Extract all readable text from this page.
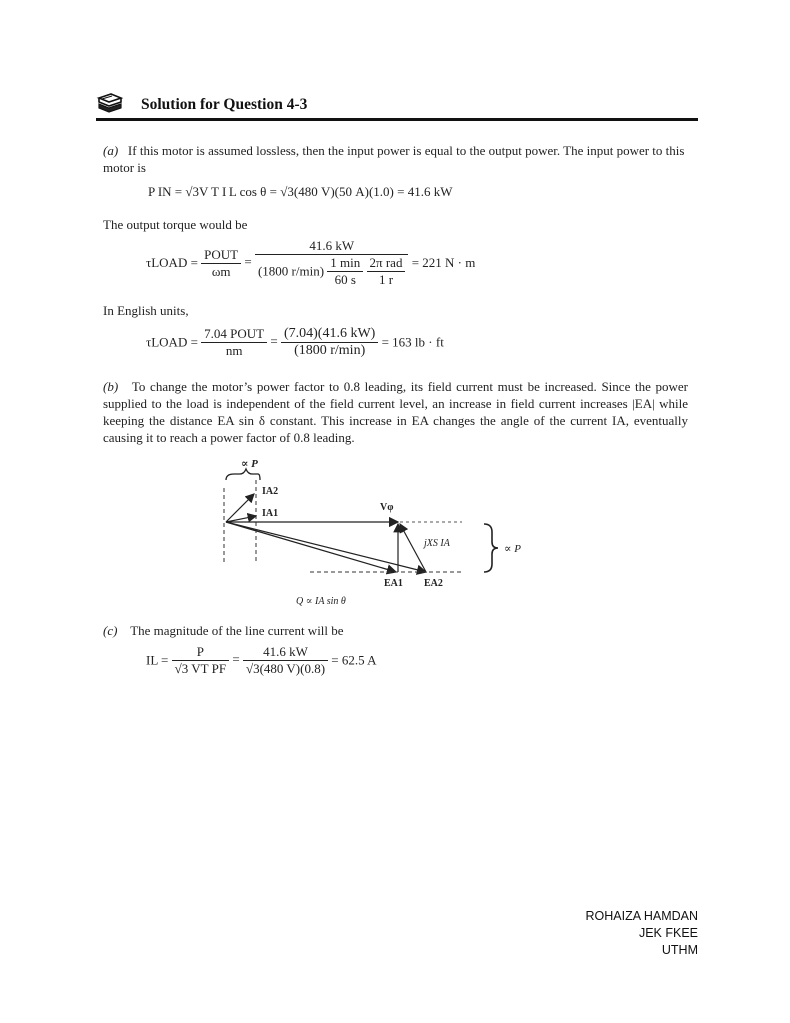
Solution for Question 4-3
(a) If this motor is assumed lossless, then the input power is equal to the output power. The input power to this motor is
P IN = √3V T I L cos θ = √3(480 V)(50 A)(1.0) = 41.6 kW
The output torque would be
τLOAD = $\frac{\text{POUT}}{\omega m}$ =
41.6 kW
(1800 $r/\min) \frac{1 \min}{60 s}$
$\frac{\text{2π rad}}{1 r} = 221$ N · m
In English units,
τLOAD = $\frac{\text{7.04 POUT}}{nm} = \frac{(7.04)(41.6 kW)}{(1800 r/\min)} = 163$ lb · ft
(b) To change the motor’s power factor to 0.8 leading, its field current must be increased. Since the power supplied to the load is independent of the field current level, an increase in field current increases |EA| while keeping the distance EA sin δ constant. This increase in EA changes the angle of the current IA, eventually causing it to reach a power factor of 0.8 leading.
∝ P
IA2
IA1
Vφ
jXS IA	∝ P
EA1 EA2
Q ∝ IA sin θ
(c) The magnitude of the line current will be
IL = $\frac{P}{\text{√3 VT PF}} = \frac{41.6 kW}{√3(480 V)(0.8)} = 62.5$ A
ROHAIZA HAMDAN
JEK FKEE
UTHM
